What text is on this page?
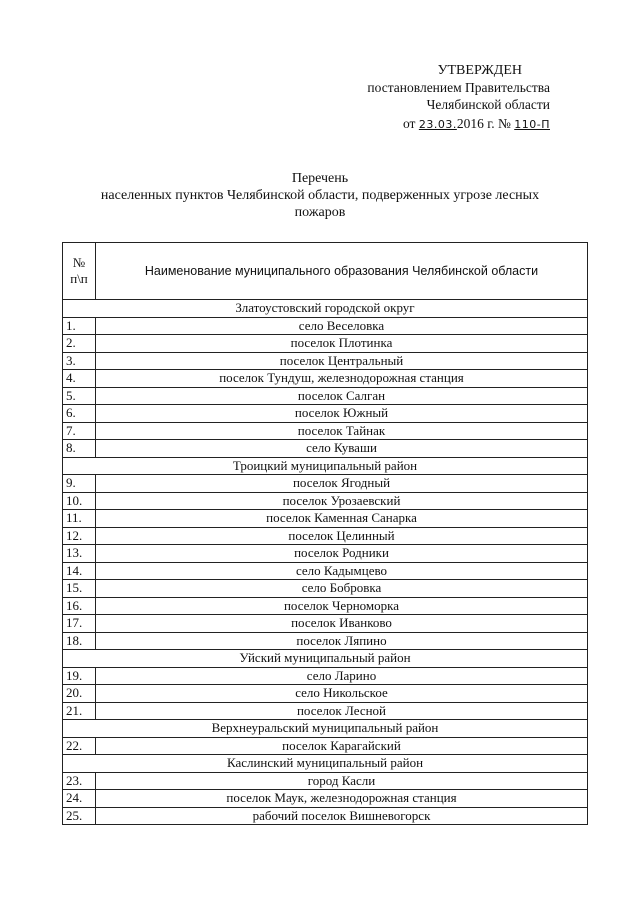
УТВЕРЖДЕН
постановлением Правительства
Челябинской области
от 23.03.2016 г. № 110-П
Перечень
населенных пунктов Челябинской области, подверженных угрозе лесных
пожаров
№ п\п	Наименование муниципального образования Челябинской области
Златоустовский городской округ	
1.	село Веселовка
2.	поселок Плотинка
3.	поселок Центральный
4.	поселок Тундуш, железнодорожная станция
5.	поселок Салган
6.	поселок Южный
7.	поселок Тайнак
8.	село Куваши
Троицкий муниципальный район	
9.	поселок Ягодный
10.	поселок Урозаевский
11.	поселок Каменная Санарка
12.	поселок Целинный
13.	поселок Родники
14.	село Кадымцево
15.	село Бобровка
16.	поселок Черноморка
17.	поселок Иванково
18.	поселок Ляпино
Уйский муниципальный район	
19.	село Ларино
20.	село Никольское
21.	поселок Лесной
Верхнеуральский муниципальный район	
22.	поселок Карагайский
Каслинский муниципальный район	
23.	город Касли
24.	поселок Маук, железнодорожная станция
25.	рабочий поселок Вишневогорск
